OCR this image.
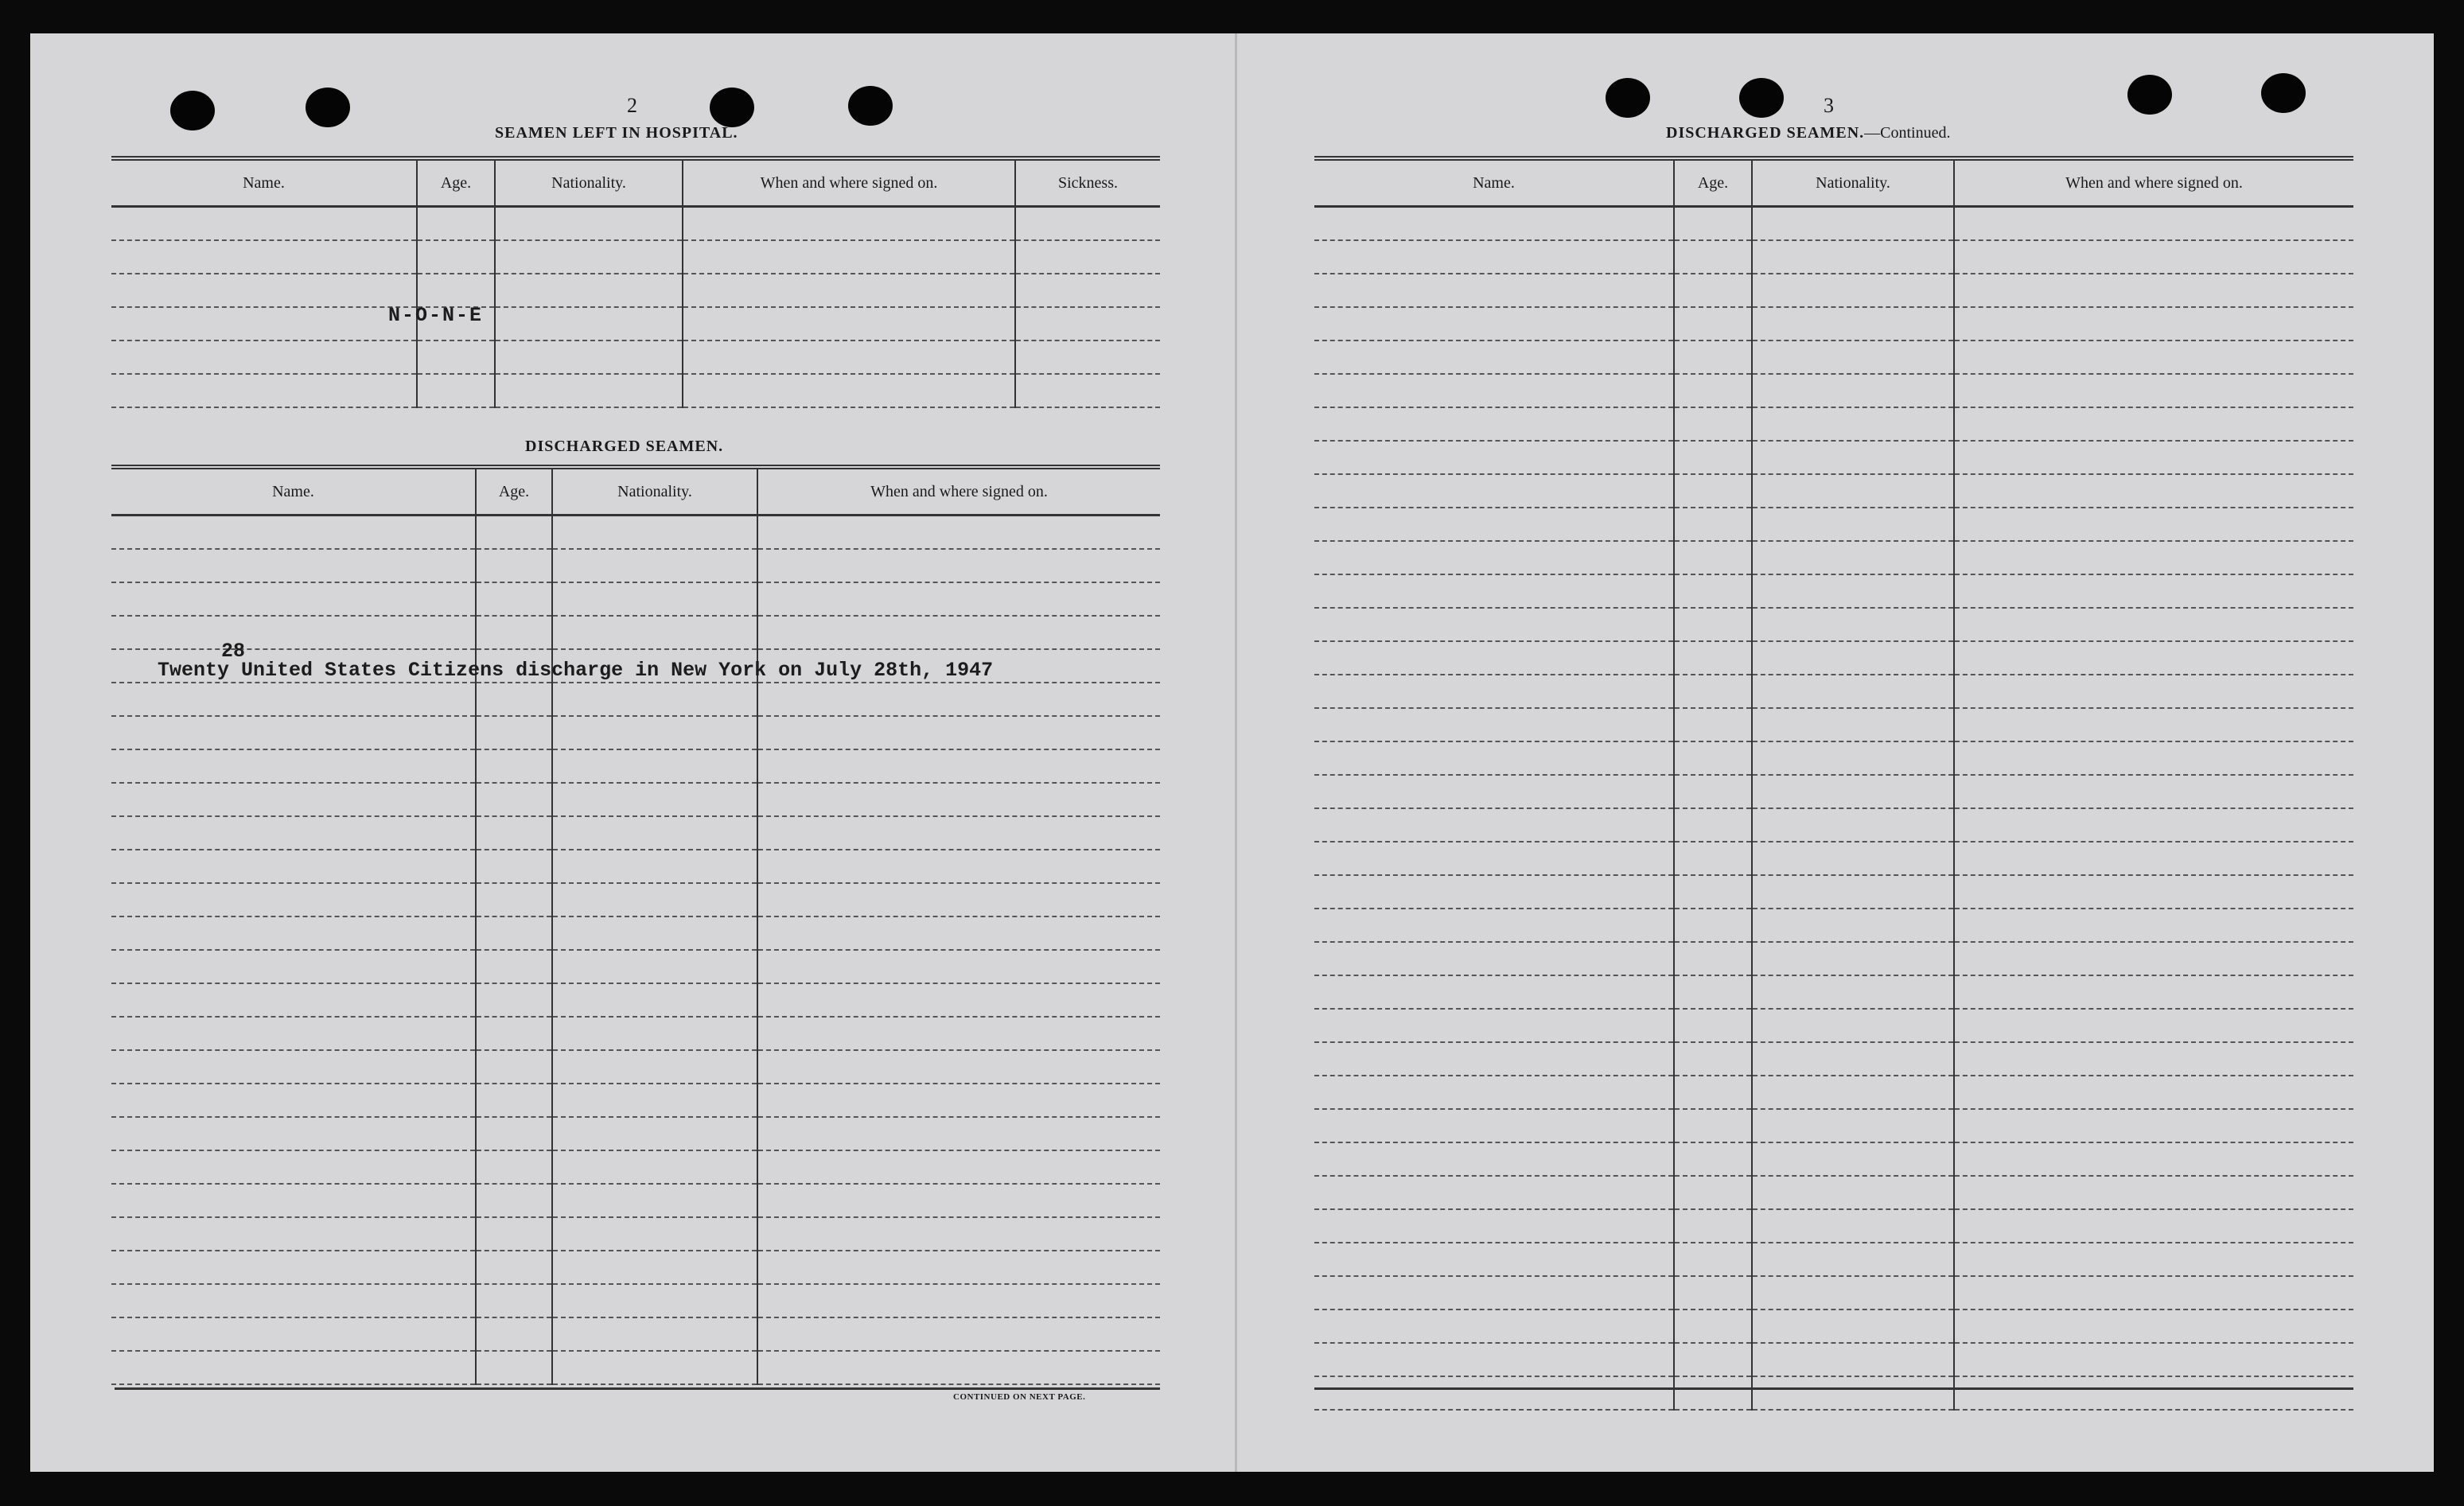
2
SEAMEN LEFT IN HOSPITAL.
Name.	Age.	Nationality.	When and where signed on.	Sickness.

N-O-N-E
DISCHARGED SEAMEN.
Name.	Age.	Nationality.	When and where signed on.

28
Twenty United States Citizens discharge in New York on July 28th, 1947
CONTINUED ON NEXT PAGE.
3
DISCHARGED SEAMEN.—Continued.
Name.	Age.	Nationality.	When and where signed on.
